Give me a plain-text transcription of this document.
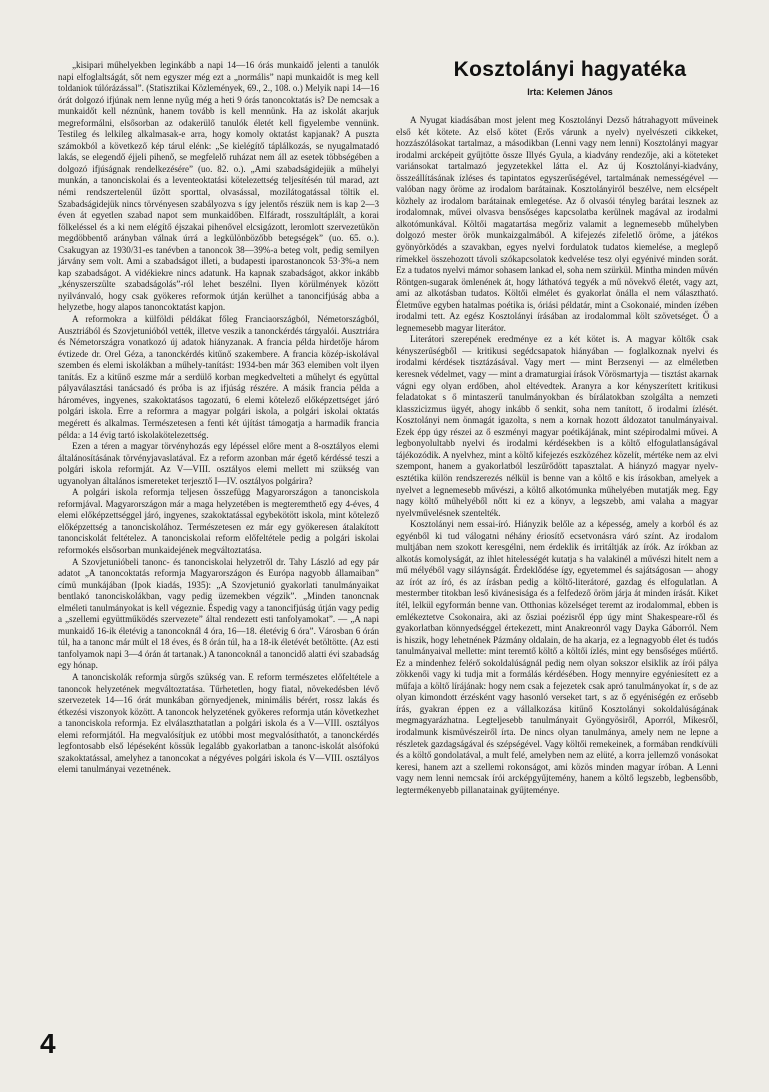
„kisipari műhelyekben leginkább a napi 14—16 órás munkaidő jelenti a tanulók napi elfoglaltságát, sőt nem egyszer még ezt a „normális” napi munkaidőt is meg kell toldaniok túlórázással”. (Statisztikai Közlemények, 69., 2., 108. o.) Melyik napi 14—16 órát dolgozó ifjúnak nem lenne nyűg még a heti 9 órás tanoncoktatás is? De nemcsak a munkaidőt kell néznünk, hanem tovább is kell mennünk. Ha az iskolát akarjuk megreformálni, elsősorban az odakerülő tanulók életét kell figyelembe vennünk. Testileg és lelkileg alkalmasak-e arra, hogy komoly oktatást kapjanak? A puszta számokból a következő kép tárul elénk: „Se kielégítő táplálkozás, se nyugalmatadó lakás, se elegendő éjjeli pihenő, se megfelelő ruházat nem áll az esetek többségében a dolgozó ifjúságnak rendelkezésére” (uo. 82. o.). „Ami szabadságidejük a műhelyi munkán, a tanonciskolai és a leventeoktatási kötelezettség teljesítésén túl marad, azt némi rendszertelenül űzött sporttal, olvasással, mozilátogatással töltik el. Szabadságidejük nincs törvényesen szabályozva s így jelentős részük nem is kap 2—3 éven át egyetlen szabad napot sem munkaidőben. Elfáradt, rosszultáplált, a korai fölkeléssel és a ki nem elégítő éjszakai pihenővel elcsigázott, leromlott szervezetükön megdöbbentő arányban válnak úrrá a legkülönbözőbb betegségek” (uo. 65. o.). Csakugyan az 1930/31-es tanévben a tanoncok 38—39%-a beteg volt, pedig semilyen járvány sem volt. Ami a szabadságot illeti, a budapesti iparostanoncok 53·3%-a nem kap szabadságot. A vidékiekre nincs adatunk. Ha kapnak szabadságot, akkor inkább „kényszerszülte szabadságolás”-ról lehet beszélni. Ilyen körülmények között nyilvánvaló, hogy csak gyökeres reformok útján kerülhet a tanoncifjúság abba a helyzetbe, hogy alapos tanoncoktatást kapjon.

A reformokra a külföldi példákat főleg Franciaországból, Németországból, Ausztriából és Szovjetunióból vették, illetve veszik a tanonckérdés tárgyalói. Ausztriára és Németországra vonatkozó új adatok hiányzanak. A francia példa hirdetője három évtizede dr. Orel Géza, a tanonckérdés kitűnő szakembere. A francia közép-iskolával szemben és elemi iskolákban a műhely-tanítást: 1934-ben már 363 elemiben volt ilyen tanítás. Ez a kitűnő eszme már a serdülő korban megkedvelteti a műhelyt és együttal pályaválasztási tanácsadó és próba is az ifjúság részére. A másik francia példa a hároméves, ingyenes, szakoktatásos tagozatú, 6 elemi kötelező előképzettséget járó polgári iskola. Erre a reformra a magyar polgári iskola, a polgári iskolai oktatás megérett és alkalmas. Természetesen a fenti két újítást támogatja a harmadik francia példa: a 14 évig tartó iskolakötelezettség.

Ezen a téren a magyar törvényhozás egy lépéssel előre ment a 8-osztályos elemi általánosításának törvényjavaslatával. Ez a reform azonban már égető kérdéssé teszi a polgári iskola reformját. Az V—VIII. osztályos elemi mellett mi szükség van ugyanolyan általános ismereteket terjesztő I—IV. osztályos polgárira?

A polgári iskola reformja teljesen összefügg Magyarországon a tanonciskola reformjával. Magyarországon már a maga helyzetében is megteremthető egy 4-éves, 4 elemi előképzettséggel járó, ingyenes, szakoktatással egybekötött iskola, mint kötelező előképzettség a tanonciskolához. Természetesen ez már egy gyökeresen átalakított tanonciskolát feltételez. A tanonciskolai reform előfeltétele pedig a polgári iskolai reformokés elsősorban munkaidejének megváltoztatása.

A Szovjetunióbeli tanonc- és tanonciskolai helyzetről dr. Tahy László ad egy pár adatot „A tanoncoktatás reformja Magyarországon és Európa nagyobb államaiban” címü munkájában (Ipok kiadás, 1935): „A Szovjetunió gyakorlati tanulmányaikat bentlakó tanonciskolákban, vagy pedig üzemekben végzik”. „Minden tanoncnak elméleti tanulmányokat is kell végeznie. Éspedig vagy a tanoncifjúság útján vagy pedig a „szellemi együttműködés szervezete” által rendezett esti tanfolyamokat”. — „A napi munkaidő 16-ik életévig a tanoncoknál 4 óra, 16—18. életévig 6 óra”. Városban 6 órán túl, ha a tanonc már múlt el 18 éves, és 8 órán túl, ha a 18-ik életévét betöltötte. (Az esti tanfolyamok napi 3—4 órán át tartanak.) A tanoncoknál a tanoncidő alatti évi szabadság egy hónap.

A tanonciskolák reformja sürgős szükség van. E reform természetes előfeltétele a tanoncok helyzetének megváltoztatása. Tűrhetetlen, hogy fiatal, növekedésben lévő szervezetek 14—16 órát munkában görnyedjenek, minimális bérért, rossz lakás és étkezési viszonyok között. A tanoncok helyzetének gyökeres reformja után következhet a tanonciskola reformja. Ez elválaszthatatlan a polgári iskola és a V—VIII. osztályos elemi reformjától. Ha megvalósítjuk ez utóbbi most megvalósíthatót, a tanonckérdés legfontosabb első lépéseként kössük legalább gyakorlatban a tanonc-iskolát alsófokú szakoktatással, amelyhez a tanoncokat a négyéves polgári iskola és V—VIII. osztályos elemi tanulmányai vezetnének.

Kosztolányi hagyatéka
Irta: Kelemen János

A Nyugat kiadásában most jelent meg Kosztolányi Dezső hátrahagyott műveinek első két kötete. Az első kötet (Erős várunk a nyelv) nyelvészeti cikkeket, hozzászólásokat tartalmaz, a másodikban (Lenni vagy nem lenni) Kosztolányi magyar irodalmi arcképeit gyűjtötte össze Illyés Gyula, a kiadvány rendezője, aki a köteteket variánsokat tartalmazó jegyzetekkel látta el. Az új Kosztolányi-kiadvány, összeállításának ízléses és tapintatos egyszerűségével, tartalmának nemességével — valóban nagy öröme az irodalom barátainak. Kosztolányiról beszélve, nem elcsépelt közhely az irodalom barátainak emlegetése. Az ő olvasói tényleg barátai lesznek az irodalomnak, művei olvasva bensőséges kapcsolatba kerülnek magával az irodalmi alkotómunkával. Költői magatartása megőriz valamit a legnemesebb műhelyben dolgozó mester örök munkaizgalmából. A kifejezés zifeletlő öröme, a játékos gyönyörködés a szavakban, egyes nyelvi fordulatok tudatos kiemelése, a meglepő rímekkel összehozott távoli szókapcsolatok kedvelése tesz olyi egyénivé minden sorát. Ez a tudatos nyelvi mámor sohasem lankad el, soha nem szürkül. Mintha minden művén Röntgen-sugarak ömlenének át, hogy láthatóvá tegyék a mű növekvő életét, vagy azt, ami az alkotásban tudatos. Költői elmélet és gyakorlat önálla el nem választható. Életműve egyben hatalmas poétika is, óriási példatár, mint a Csokonaié, minden ízében irodalmi tett. Az egész Kosztolányi írásában az irodalommal költ szövetséget. Ő a legnemesebb magyar literátor.

Literátori szerepének eredménye ez a két kötet is. A magyar költők csak kényszerűségből — kritikusi segédcsapatok hiányában — foglalkoznak nyelvi és irodalmi kérdések tisztázásával. Vagy mert — mint Berzsenyi — az elméletben keresnek védelmet, vagy — mint a dramaturgiai írások Vörösmartyja — tisztást akarnak vágni egy olyan erdőben, ahol eltévedtek. Aranyra a kor kényszerített kritikusi feladatokat s ő mintaszerű tanulmányokban és bírálatokban szolgálta a nemzeti klasszicizmus ügyét, ahogy inkább ő senkit, soha nem tanított, ő irodalmi ízlését. Kosztolányi nem önmagát igazolta, s nem a kornak hozott áldozatot tanulmányaival. Ezek épp úgy részei az ő eszményi magyar poétikájának, mint szépirodalmi művei. A legbonyolultabb nyelvi és irodalmi kérdésekben is a költő elfogulatlanságával tájékozódik. A nyelvhez, mint a költő kifejezés eszközéhez közelít, mértéke nem az elvi szempont, hanem a gyakorlatból leszűrődött tapasztalat. A hiányzó magyar nyelv-esztétika külön rendszerezés nélkül is benne van a költő e kis írásokban, amelyek a nyelvet a legnemesebb művészi, a költő alkotómunka műhelyében mutatják meg. Egy nagy költő műhelyéből nőtt ki ez a könyv, a legszebb, ami valaha a magyar nyelvművelésnek szentelték.

Kosztolányi nem essai-író. Hiányzik belőle az a képesség, amely a korból és az egyénből ki tud válogatni néhány ériosítő ecsetvonásra váró színt. Az irodalom multjában nem szokott keresgélni, nem érdeklik és irritáltják az írók. Az írókban az alkotás komolyságát, az ihlet hitelességét kutatja s ha valakinél a művészi hitelt nem a mű mélyéből vagy siláynságát. Érdeklődése így, egyetemmel és sajátságosan — ahogy az írót az író, és az írásban pedig a költő-literátoré, gazdag és elfogulatlan. A mestermber titokban leső kivánesisága és a felfedező öröm járja át minden írását. Kiket ítél, lelkül egyformán benne van. Otthonias közelséget teremt az irodalommal, ebben is emlékeztetve Csokonaira, aki az ősziai poézisről épp úgy mint Shakespeare-ről és gyakorlatban könnyedséggel értekezett, mint Anakreonról vagy Dayka Gáborról. Nem is hiszik, hogy lehetnének Pázmány oldalain, de ha akarja, ez a legnagyobb élet és tudós tanulmányaival mellette: mint teremtő költő a költői ízlés, mint egy bensőséges műértő. Ez a mindenhez felérő sokoldalúságnál pedig nem olyan sokszor elsiklik az írói pálya zökkenői vagy ki tudja mit a formálás kérdésében. Hogy mennyire egyéniesített ez a műfaja a költő lírájának: hogy nem csak a fejezetek csak apró tanulmányokat ír, s de az olyan kimondott érzésként vagy hasonló verseket tart, s az ő egyéniségén ez erősebb írás, gyakran éppen ez a vállalkozása kitűnő Kosztolányi sokoldalúságának megmagyarázhatna. Legteljesebb tanulmányait Gyöngyösiről, Aporról, Mikesről, irodalmunk kismüvészeiről írta. De nincs olyan tanulmánya, amely nem ne lepne a részletek gazdagságával és szépségével. Vagy költői remekeinek, a formában rendkívüli és a költő gondolatával, a mult felé, amelyben nem az elüté, a korra jellemző vonásokat keresi, hanem azt a szellemi rokonságot, ami közös minden magyar íróban. A Lenni vagy nem lenni nemcsak írói arcképgyűjtemény, hanem a költő legszebb, legbensőbb, legtermékenyebb pillanatainak gyűjteménye.

4
